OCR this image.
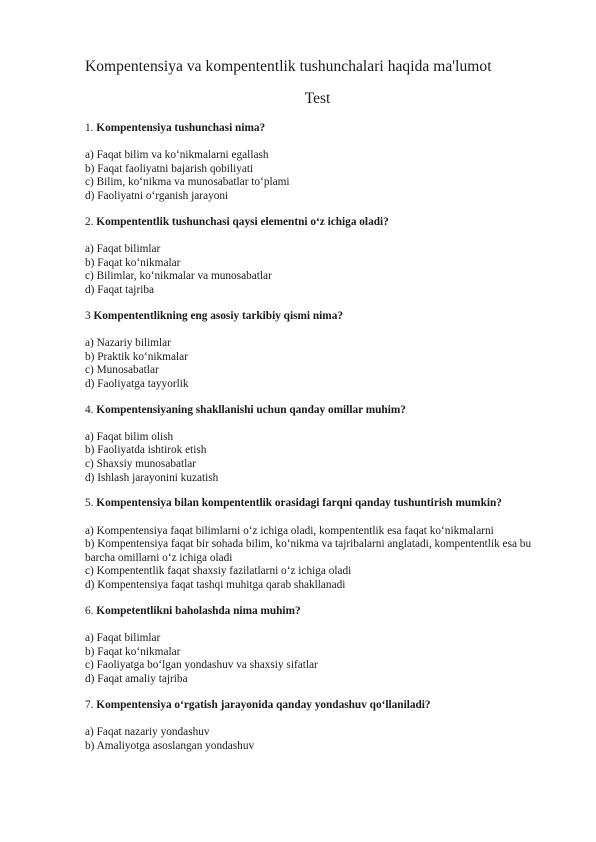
Kompentensiya va kompententlik tushunchalari haqida ma'lumot
Test
1. Kompentensiya tushunchasi nima?
a) Faqat bilim va ko‘nikmalarni egallash
b) Faqat faoliyatni bajarish qobiliyati
c) Bilim, ko‘nikma va munosabatlar to‘plami
d) Faoliyatni o‘rganish jarayoni
2. Kompententlik tushunchasi qaysi elementni o‘z ichiga oladi?
a) Faqat bilimlar
b) Faqat ko‘nikmalar
c) Bilimlar, ko‘nikmalar va munosabatlar
d) Faqat tajriba
3 Kompententlikning eng asosiy tarkibiy qismi nima?
a) Nazariy bilimlar
b) Praktik ko‘nikmalar
c) Munosabatlar
d) Faoliyatga tayyorlik
4. Kompentensiyaning shakllanishi uchun qanday omillar muhim?
a) Faqat bilim olish
b) Faoliyatda ishtirok etish
c) Shaxsiy munosabatlar
d) Ishlash jarayonini kuzatish
5. Kompentensiya bilan kompententlik orasidagi farqni qanday tushuntirish mumkin?
a) Kompentensiya faqat bilimlarni o‘z ichiga oladi, kompententlik esa faqat ko‘nikmalarni
b) Kompentensiya faqat bir sohada bilim, ko‘nikma va tajribalarni anglatadi, kompententlik esa bu barcha omillarni o‘z ichiga oladi
c) Kompententlik faqat shaxsiy fazilatlarni o‘z ichiga oladi
d) Kompentensiya faqat tashqi muhitga qarab shakllanadi
6. Kompetentlikni baholashda nima muhim?
a) Faqat bilimlar
b) Faqat ko‘nikmalar
c) Faoliyatga bo‘lgan yondashuv va shaxsiy sifatlar
d) Faqat amaliy tajriba
7. Kompentensiya o‘rgatish jarayonida qanday yondashuv qo‘llaniladi?
a) Faqat nazariy yondashuv
b) Amaliyotga asoslangan yondashuv
